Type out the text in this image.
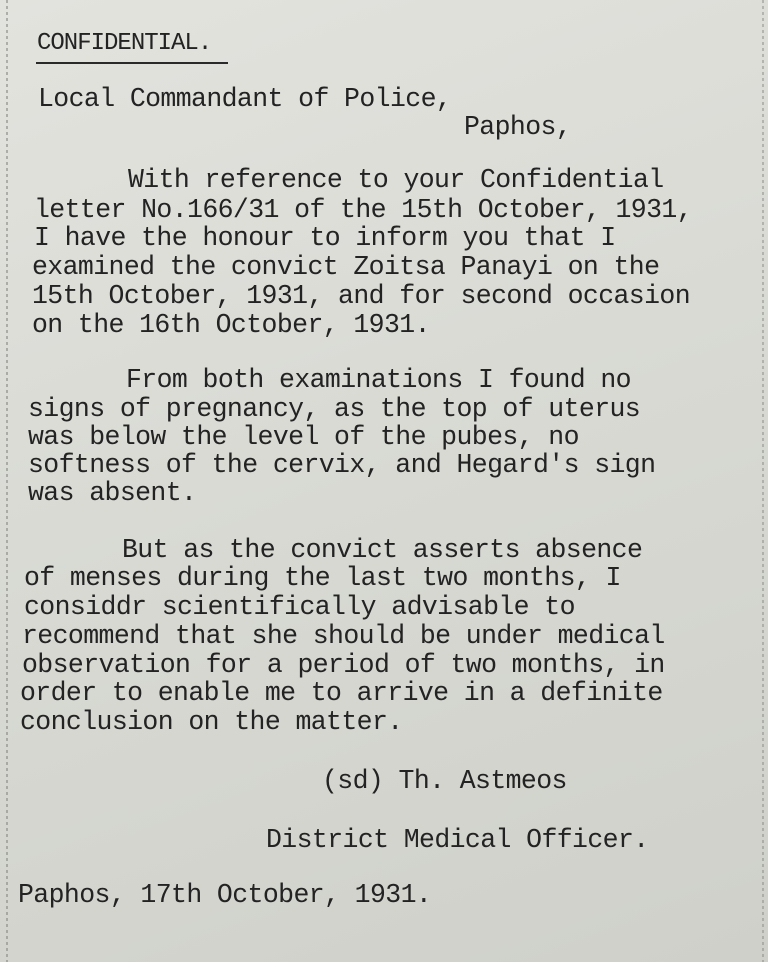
CONFIDENTIAL.
Local Commandant of Police,
Paphos,
With reference to your Confidential
letter No.166/31 of the 15th October, 1931,
I have the honour to inform you that I
examined the convict Zoitsa Panayi on the
15th October, 1931, and for second occasion
on the 16th October, 1931.
From both examinations I found no
signs of pregnancy, as the top of uterus
was below the level of the pubes, no
softness of the cervix, and Hegard's sign
was absent.
But as the convict asserts absence
of menses during the last two months, I
considdr scientifically advisable to
recommend that she should be under medical
observation for a period of two months, in
order to enable me to arrive in a definite
conclusion on the matter.
(sd) Th. Astmeos
District Medical Officer.
Paphos, 17th October, 1931.
